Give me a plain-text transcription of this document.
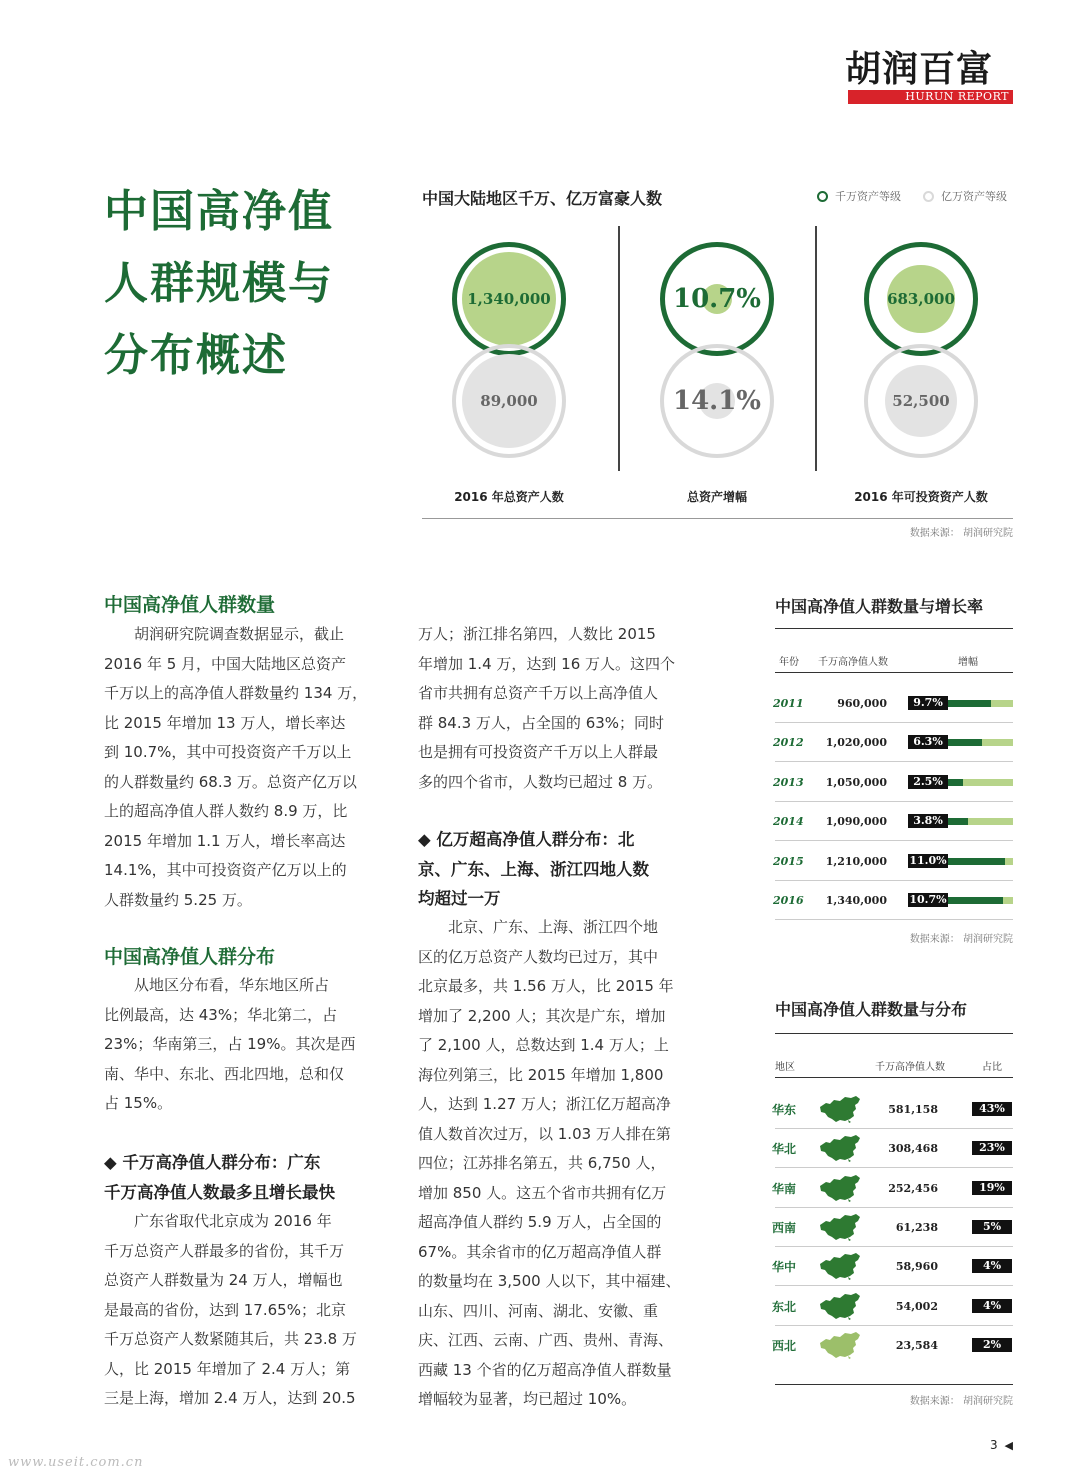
胡润百富
HURUN REPORT
中国高净值
人群规模与
分布概述
中国大陆地区千万、亿万富豪人数	千万资产等级	亿万资产等级
1,340,000
89,000
10.7%
14.1%
683,000
52,500
2016 年总资产人数	总资产增幅	2016 年可投资资产人数
数据来源： 胡润研究院
中国高净值人群数量
胡润研究院调查数据显示，截止
2016 年 5 月，中国大陆地区总资产
千万以上的高净值人群数量约 134 万，
比 2015 年增加 13 万人，增长率达
到 10.7%，其中可投资资产千万以上
的人群数量约 68.3 万。总资产亿万以
上的超高净值人群人数约 8.9 万，比
2015 年增加 1.1 万人，增长率高达
14.1%，其中可投资资产亿万以上的
人群数量约 5.25 万。
中国高净值人群分布
从地区分布看，华东地区所占
比例最高，达 43%；华北第二，占
23%；华南第三，占 19%。其次是西
南、华中、东北、西北四地，总和仅
占 15%。
◆ 千万高净值人群分布：广东
千万高净值人数最多且增长最快
广东省取代北京成为 2016 年
千万总资产人群最多的省份，其千万
总资产人群数量为 24 万人，增幅也
是最高的省份，达到 17.65%；北京
千万总资产人数紧随其后，共 23.8 万
人，比 2015 年增加了 2.4 万人；第
三是上海，增加 2.4 万人，达到 20.5
万人；浙江排名第四，人数比 2015
年增加 1.4 万，达到 16 万人。这四个
省市共拥有总资产千万以上高净值人
群 84.3 万人，占全国的 63%；同时
也是拥有可投资资产千万以上人群最
多的四个省市，人数均已超过 8 万。
◆ 亿万超高净值人群分布：北
京、广东、上海、浙江四地人数
均超过一万
北京、广东、上海、浙江四个地
区的亿万总资产人数均已过万，其中
北京最多，共 1.56 万人，比 2015 年
增加了 2,200 人；其次是广东，增加
了 2,100 人，总数达到 1.4 万人；上
海位列第三，比 2015 年增加 1,800
人，达到 1.27 万人；浙江亿万超高净
值人数首次过万，以 1.03 万人排在第
四位；江苏排名第五，共 6,750 人，
增加 850 人。这五个省市共拥有亿万
超高净值人群约 5.9 万人，占全国的
67%。其余省市的亿万超高净值人群
的数量均在 3,500 人以下，其中福建、
山东、四川、河南、湖北、安徽、重
庆、江西、云南、广西、贵州、青海、
西藏 13 个省的亿万超高净值人群数量
增幅较为显著，均已超过 10%。
中国高净值人群数量与增长率
年份 千万高净值人数	增幅
2011	960,000	9.7%
2012	1,020,000	6.3%
2013	1,050,000	2.5%
2014	1,090,000	3.8%
2015	1,210,000 11.0%
2016	1,340,000 10.7%
数据来源： 胡润研究院
中国高净值人群数量与分布
地区	千万高净值人数	占比
华东	581,158	43%
华北	308,468	23%
华南	252,456	19%
西南	61,238	5%
华中	58,960	4%
东北	54,002	4%
西北	23,584	2%
数据来源： 胡润研究院
3 ◀
www.useit.com.cn
